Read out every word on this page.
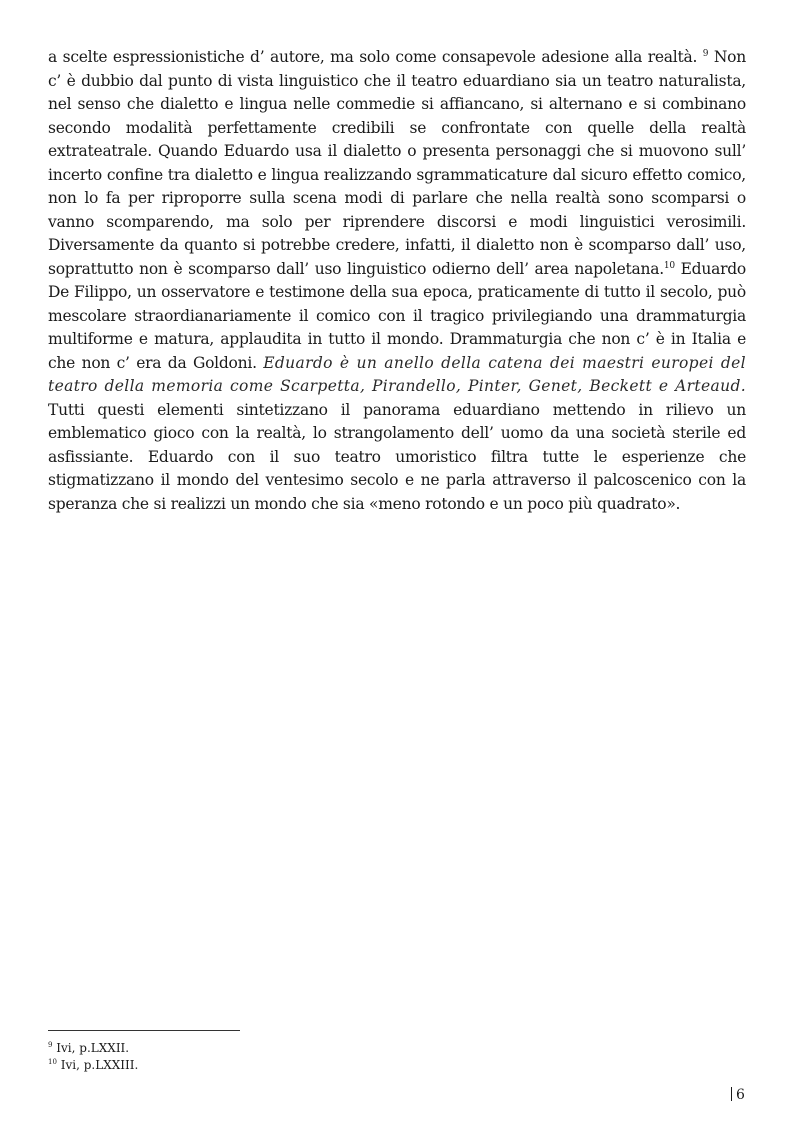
a scelte espressionistiche d’ autore, ma solo come consapevole adesione alla realtà. $^9$ Non c’ è dubbio dal punto di vista linguistico che il teatro eduardiano sia un teatro naturalista, nel senso che dialetto e lingua nelle commedie si affiancano, si alternano e si combinano secondo modalità perfettamente credibili se confrontate con quelle della realtà extrateatrale. Quando Eduardo usa il dialetto o presenta personaggi che si muovono sull’ incerto confine tra dialetto e lingua realizzando sgrammaticature dal sicuro effetto comico, non lo fa per riproporre sulla scena modi di parlare che nella realtà sono scomparsi o vanno scomparendo, ma solo per riprendere discorsi e modi linguistici verosimili. Diversamente da quanto si potrebbe credere, infatti, il dialetto non è scomparso dall’ uso, soprattutto non è scomparso dall’ uso linguistico odierno dell’ area napoletana.$^{10}$ Eduardo De Filippo, un osservatore e testimone della sua epoca, praticamente di tutto il secolo, può mescolare straordianariamente il comico con il tragico privilegiando una drammaturgia multiforme e matura, applaudita in tutto il mondo. Drammaturgia che non c’ è in Italia e che non c’ era da Goldoni. Eduardo è un anello della catena dei maestri europei del teatro della memoria come Scarpetta, Pirandello, Pinter, Genet, Beckett e Arteaud. Tutti questi elementi sintetizzano il panorama eduardiano mettendo in rilievo un emblematico gioco con la realtà, lo strangolamento dell’ uomo da una società sterile ed asfissiante. Eduardo con il suo teatro umoristico filtra tutte le esperienze che stigmatizzano il mondo del ventesimo secolo e ne parla attraverso il palcoscenico con la speranza che si realizzi un mondo che sia «meno rotondo e un poco più quadrato».

$^9$ Ivi, p.LXXII.
$^{10}$ Ivi, p.LXXIII.
6
